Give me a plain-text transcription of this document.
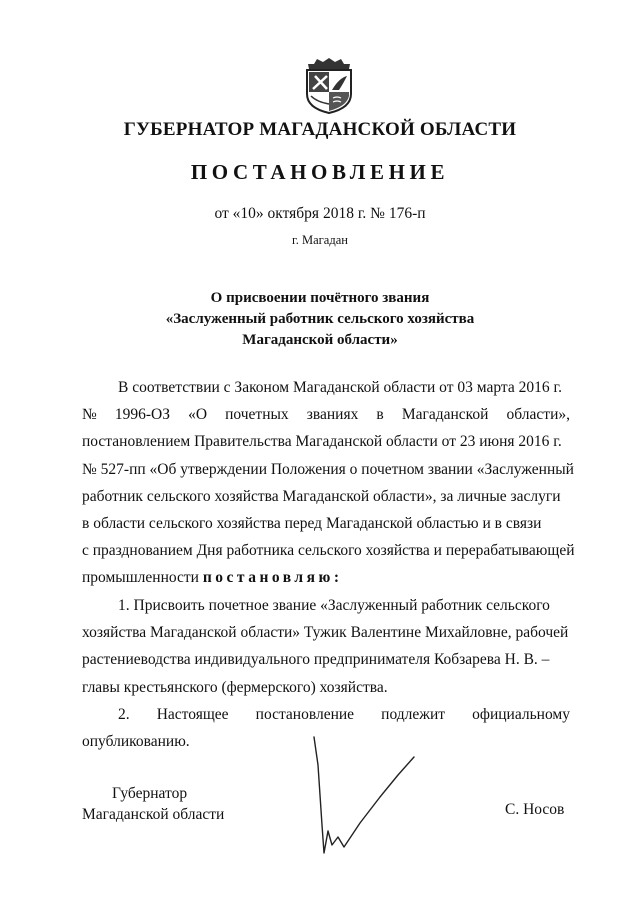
ГУБЕРНАТОР МАГАДАНСКОЙ ОБЛАСТИ
ПОСТАНОВЛЕНИЕ
от «10» октября 2018 г. № 176-п
г. Магадан
О присвоении почётного звания
«Заслуженный работник сельского хозяйства
Магаданской области»
В соответствии с Законом Магаданской области от 03 марта 2016 г.
№ 1996-ОЗ «О почетных званиях в Магаданской области»,
постановлением Правительства Магаданской области от 23 июня 2016 г.
№ 527-пп «Об утверждении Положения о почетном звании «Заслуженный
работник сельского хозяйства Магаданской области», за личные заслуги
в области сельского хозяйства перед Магаданской областью и в связи
с празднованием Дня работника сельского хозяйства и перерабатывающей
промышленности постановляю:
1. Присвоить почетное звание «Заслуженный работник сельского
хозяйства Магаданской области» Тужик Валентине Михайловне, рабочей
растениеводства индивидуального предпринимателя Кобзарева Н. В. –
главы крестьянского (фермерского) хозяйства.
2. Настоящее постановление подлежит официальному
опубликованию.
Губернатор
Магаданской области	С. Носов
